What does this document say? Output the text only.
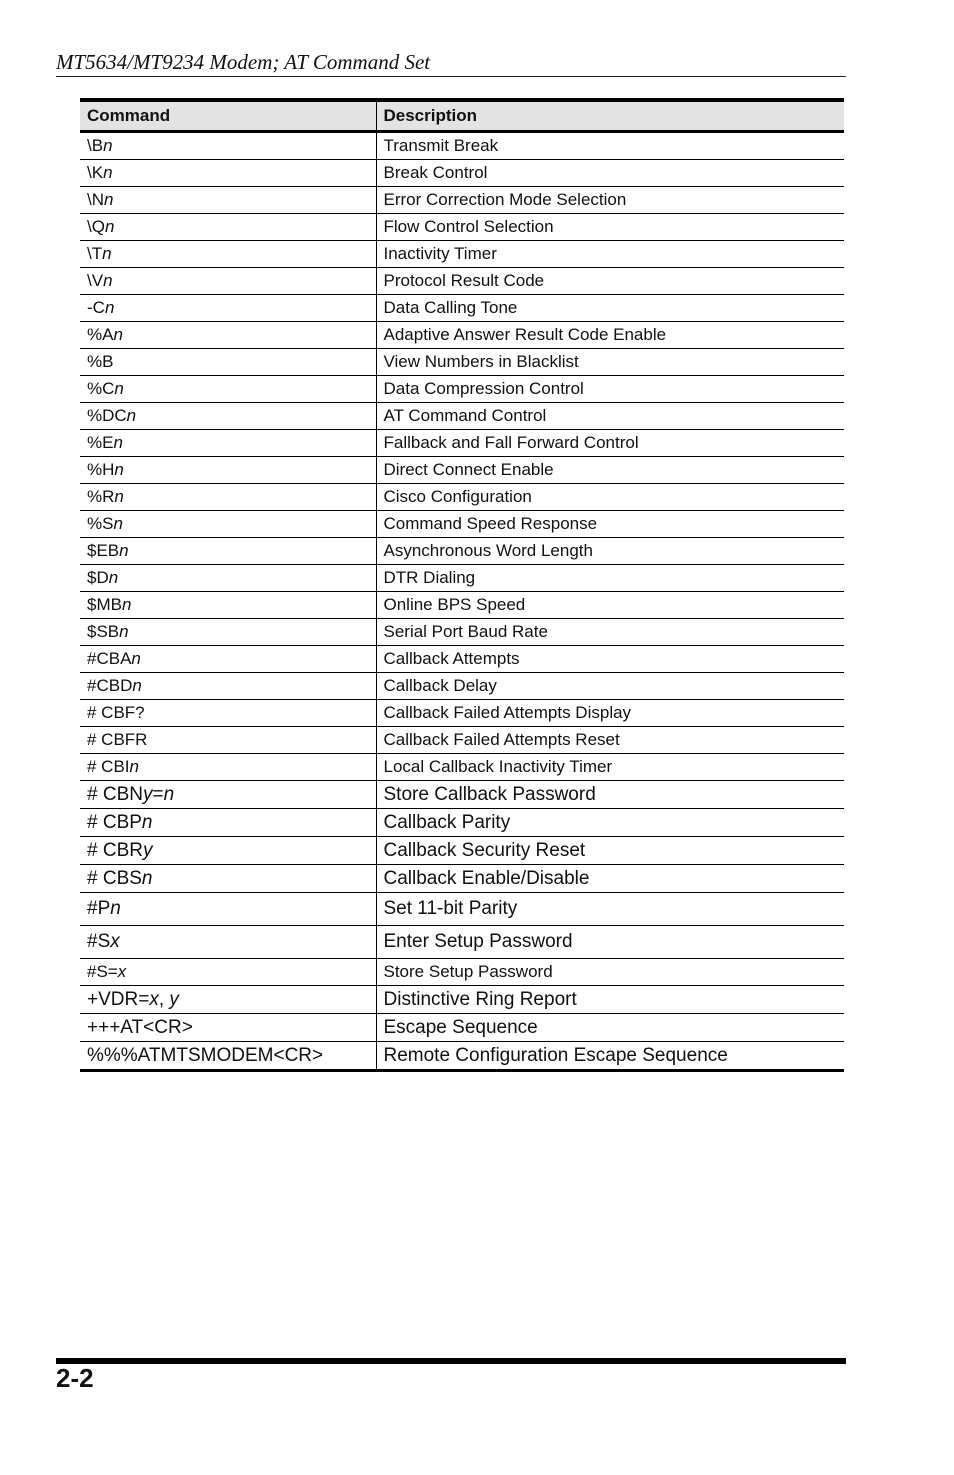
MT5634/MT9234 Modem; AT Command Set
Command	Description
\Bn	Transmit Break
\Kn	Break Control
\Nn	Error Correction Mode Selection
\Qn	Flow Control Selection
\Tn	Inactivity Timer
\Vn	Protocol Result Code
-Cn	Data Calling Tone
%An	Adaptive Answer Result Code Enable
%B	View Numbers in Blacklist
%Cn	Data Compression Control
%DCn	AT Command Control
%En	Fallback and Fall Forward Control
%Hn	Direct Connect Enable
%Rn	Cisco Configuration
%Sn	Command Speed Response
$EBn	Asynchronous Word Length
$Dn	DTR Dialing
$MBn	Online BPS Speed
$SBn	Serial Port Baud Rate
#CBAn	Callback Attempts
#CBDn	Callback Delay
# CBF?	Callback Failed Attempts Display
# CBFR	Callback Failed Attempts Reset
# CBIn	Local Callback Inactivity Timer
# CBNy=n	Store Callback Password
# CBPn	Callback Parity
# CBRy	Callback Security Reset
# CBSn	Callback Enable/Disable
#Pn	Set 11-bit Parity
#Sx	Enter Setup Password
#S=x	Store Setup Password
+VDR=x, y	Distinctive Ring Report
+++AT<CR>	Escape Sequence
%%%ATMTSMODEM<CR>	Remote Configuration Escape Sequence
2-2
